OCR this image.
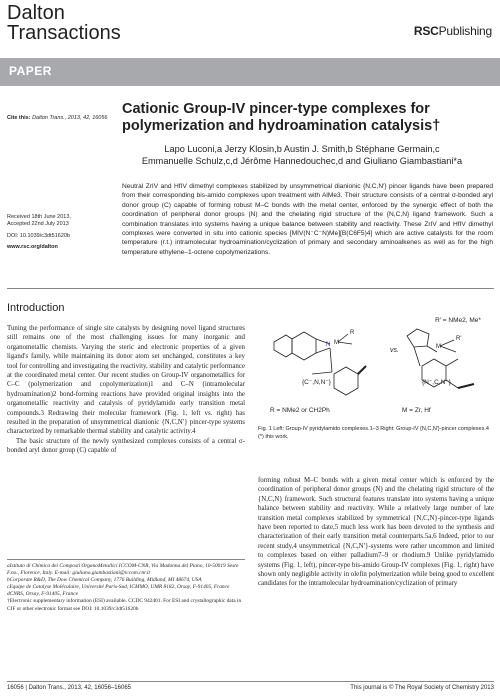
Dalton
Transactions	RSCPublishing
PAPER
Cite this: Dalton Trans., 2013, 42, 16056
Cationic Group-IV pincer-type complexes for
polymerization and hydroamination catalysis†
Lapo Luconi,a Jerzy Klosin,b Austin J. Smith,b Stéphane Germain,c
Emmanuelle Schulz,c,d Jérôme Hannedouchec,d and Giuliano Giambastiani*a
Received 18th June 2013,
Accepted 22nd July 2013
DOI: 10.1039/c3dt51620b
www.rsc.org/dalton
Neutral ZrIV and HfIV dimethyl complexes stabilized by unsymmetrical dianionic {N,C,N′} pincer ligands have been prepared from their corresponding bis-amido complexes upon treatment with AlMe3. Their structure consists of a central σ-bonded aryl donor group (C) capable of forming robust M–C bonds with the metal center, enforced by the synergic effect of both the coordination of peripheral donor groups (N) and the chelating rigid structure of the {N,C,N} ligand framework. Such a combination translates into systems having a unique balance between stability and reactivity. These ZrIV and HfIV dimethyl complexes were converted in situ into cationic species [MIV(N⁻C⁻N)Me][B(C6F5)4] which are active catalysts for the room temperature (r.t.) intramolecular hydroamination/cyclization of primary and secondary aminoalkenes as well as for the high temperature ethylene–1-octene copolymerizations.
Introduction

Tuning the performance of single site catalysts by designing novel ligand structures still remains one of the most challenging issues for many inorganic and organometallic chemists. Varying the steric and electronic properties of a given ligand's family, while maintaining its donor atom set unchanged, constitutes a key tool for controlling and investigating the reactivity, stability and catalytic performance at the coordinated metal center. Our recent studies on Group-IV organometallics for C–C (polymerization and copolymerization)1 and C–N (intramolecular hydroamination)2 bond-forming reactions have provided original insights into the organometallic reactivity and catalysis of pyridylamido early transition metal compounds.3 Redrawing their molecular framework (Fig. 1, left vs. right) has resulted in the preparation of unsymmetrical dianionic {N,C,N′} pincer-type systems characterized by remarkable thermal stability and catalytic activity.4

The basic structure of the newly synthesized complexes consists of a central σ-bonded aryl donor group (C) capable of

R′ = NMe2, Me*
vs.
{C⁻,N,N⁻}	{N⁻,C,N⁻}
R = NMe2 or CH2Ph	M = Zr, Hf
N M
R
M
R′
Fig. 1 Left: Group-IV pyridylamido complexes.1–3 Right: Group-IV {N,C,N′}-pincer complexes.4 (*) this work.
forming robust M–C bonds with a given metal center which is enforced by the coordination of peripheral donor groups (N) and the chelating rigid structure of the {N,C,N} framework. Such structural features translate into systems having a unique balance between stability and reactivity. While a relatively large number of late transition metal complexes stabilized by symmetrical {N,C,N}-pincer-type ligands have been reported to date,5 much less work has been devoted to the synthesis and characterization of their early transition metal counterparts.5a,6 Indeed, prior to our recent study,4 unsymmetrical {N,C,N′}-systems were rather uncommon and limited to complexes based on either palladium7–9 or rhodium.9 Unlike pyridylamido systems (Fig. 1, left), pincer-type bis-amido Group-IV complexes (Fig. 1, right) have shown only negligible activity in olefin polymerization while being good to excellent candidates for the intramolecular hydroamination/cyclization of primary

aIstituto di Chimica dei Composti OrganoMetallici ICCOM-CNR, Via Madonna del Piano, 10-50019 Sesto F.no., Florence, Italy. E-mail: giuliano.giambastiani@iccom.cnr.it

bCorporate R&D, The Dow Chemical Company, 1776 Building, Midland, MI 48674, USA

cEquipe de Catalyse Moléculaire, Université Paris-Sud, ICMMO, UMR 8182, Orsay, F-91405, France

dCNRS, Orsay, F-91405, France

†Electronic supplementary information (ESI) available. CCDC 942401. For ESI and crystallographic data in CIF or other electronic format see DOI: 10.1039/c3dt51620b

16056 | Dalton Trans., 2013, 42, 16056–16065	This journal is © The Royal Society of Chemistry 2013
